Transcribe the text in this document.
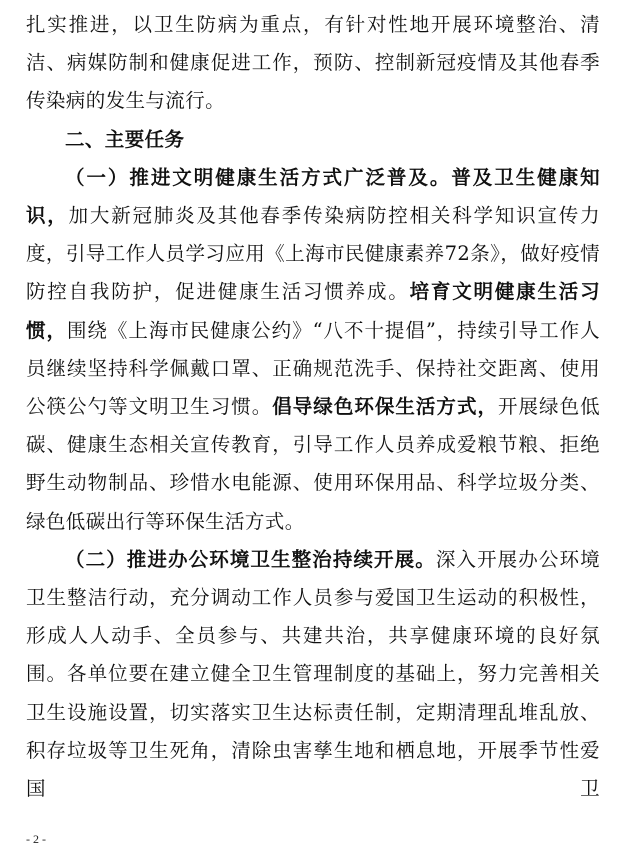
扎实推进，以卫生防病为重点，有针对性地开展环境整治、清洁、病媒防制和健康促进工作，预防、控制新冠疫情及其他春季传染病的发生与流行。

二、主要任务

（一）推进文明健康生活方式广泛普及。普及卫生健康知识，加大新冠肺炎及其他春季传染病防控相关科学知识宣传力度，引导工作人员学习应用《上海市民健康素养72条》，做好疫情防控自我防护，促进健康生活习惯养成。培育文明健康生活习惯，围绕《上海市民健康公约》“八不十提倡”，持续引导工作人员继续坚持科学佩戴口罩、正确规范洗手、保持社交距离、使用公筷公勺等文明卫生习惯。倡导绿色环保生活方式，开展绿色低碳、健康生态相关宣传教育，引导工作人员养成爱粮节粮、拒绝野生动物制品、珍惜水电能源、使用环保用品、科学垃圾分类、绿色低碳出行等环保生活方式。

（二）推进办公环境卫生整治持续开展。深入开展办公环境卫生整洁行动，充分调动工作人员参与爱国卫生运动的积极性，形成人人动手、全员参与、共建共治，共享健康环境的良好氛围。各单位要在建立健全卫生管理制度的基础上，努力完善相关卫生设施设置，切实落实卫生达标责任制，定期清理乱堆乱放、积存垃圾等卫生死角，清除虫害孳生地和栖息地，开展季节性爱国卫

- 2 -
